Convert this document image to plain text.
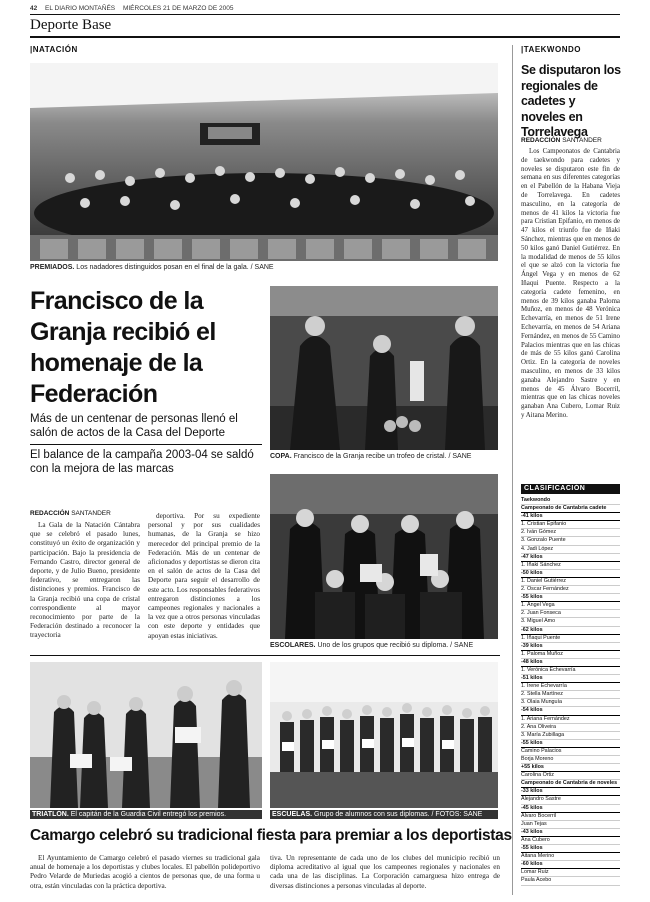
42 EL DIARIO MONTAÑÉS MIÉRCOLES 21 DE MARZO DE 2005
Deporte Base
|NATACIÓN
PREMIADOS. Los nadadores distinguidos posan en el final de la gala. / SANE
Francisco de la Granja recibió el homenaje de la Federación
Más de un centenar de personas llenó el salón de actos de la Casa del Deporte
El balance de la campaña 2003-04 se saldó con la mejora de las marcas
REDACCIÓN SANTANDER

La Gala de la Natación Cántabra que se celebró el pasado lunes, constituyó un éxito de organización y participación. Bajo la presidencia de Fernando Castro, director general de deporte, y de Julio Bueno, presidente federativo, se entregaron las distinciones y premios. Francisco de la Granja recibió una copa de cristal correspondiente al mayor reconocimiento por parte de la Federación destinado a reconocer la trayectoria

deportiva. Por su expediente personal y por sus cualidades humanas, de la Granja se hizo merecedor del principal premio de la Federación. Más de un centenar de aficionados y deportistas se dieron cita en el salón de actos de la Casa del Deporte para seguir el desarrollo de este acto. Los responsables federativos entregaron distinciones a los campeones regionales y nacionales a la vez que a otros personas vinculadas con este deporte y entidades que apoyan estas iniciativas.

COPA. Francisco de la Granja recibe un trofeo de cristal. / SANE
ESCOLARES. Uno de los grupos que recibió su diploma. / SANE
TRIATLÓN. El capitán de la Guardia Civil entregó los premios.	ESCUELAS. Grupo de alumnos con sus diplomas. / FOTOS: SANE
Camargo celebró su tradicional fiesta para premiar a los deportistas

El Ayuntamiento de Camargo celebró el pasado viernes su tradicional gala anual de homenaje a los deportistas y clubes locales. El pabellón polideportivo Pedro Velarde de Muriedas acogió a cientos de personas que, de una forma u otra, están vinculadas con la práctica deportiva.

tiva. Un representante de cada uno de los clubes del municipio recibió un diploma acreditativo al igual que los campeones regionales y nacionales en cada una de las disciplinas. La Corporación camarguesa hizo entrega de diversas distinciones a personas vinculadas al deporte.

|TAEKWONDO
Se disputaron los regionales de cadetes y noveles en Torrelavega
REDACCIÓN SANTANDER

Los Campeonatos de Cantabria de taekwondo para cadetes y noveles se disputaron este fin de semana en sus diferentes categorías en el Pabellón de la Habana Vieja de Torrelavega. En cadetes masculino, en la categoría de menos de 41 kilos la victoria fue para Cristian Epifanio, en menos de 47 kilos el triunfo fue de Iñaki Sánchez, mientras que en menos de 50 kilos ganó Daniel Gutiérrez. En la modalidad de menos de 55 kilos el que se alzó con la victoria fue Ángel Vega y en menos de 62 Iñaqui Puente. Respecto a la categoría cadete femenino, en menos de 39 kilos ganaba Paloma Muñoz, en menos de 48 Verónica Echevarría, en menos de 51 Irene Echevarría, en menos de 54 Ariana Fernández, en menos de 55 Camino Palacios mientras que en las chicas de más de 55 kilos ganó Carolina Ortiz. En la categoría de noveles masculino, en menos de 33 kilos ganaba Alejandro Sastre y en menos de 45 Álvaro Bocerril, mientras que en las chicas noveles ganaban Ana Cubero, Lomar Ruiz y Aitana Merino.

CLASIFICACIÓN
Taekwondo
Campeonato de Cantabria cadete
-41 kilos
1. Cristian Epifanio
2. Iván Gómez
3. Gonzalo Puente
4. Jadi López
-47 kilos
1. Iñaki Sánchez
-50 kilos
1. Daniel Gutiérrez
2. Óscar Fernández
-55 kilos
1. Ángel Vega
2. Juan Fonseca
3. Miguel Amo
-62 kilos
1. Iñaqui Puente
-39 kilos
1. Paloma Muñoz
-48 kilos
1. Verónica Echevarría
-51 kilos
1. Irene Echevarría
2. Stella Martínez
3. Olaia Munguía
-54 kilos
1. Ariana Fernández
2. Ana Oliveira
3. María Zubillaga
-55 kilos
Camino Palacios
Borja Moreno
+55 kilos
Carolina Ortiz
Campeonato de Cantabria de noveles
-33 kilos
Alejandro Sastre
-45 kilos
Álvaro Bocerril
Juan Tejas
-43 kilos
Ana Cubero
-55 kilos
Aitana Merino
-60 kilos
Lomar Ruiz
Paula Acebo
